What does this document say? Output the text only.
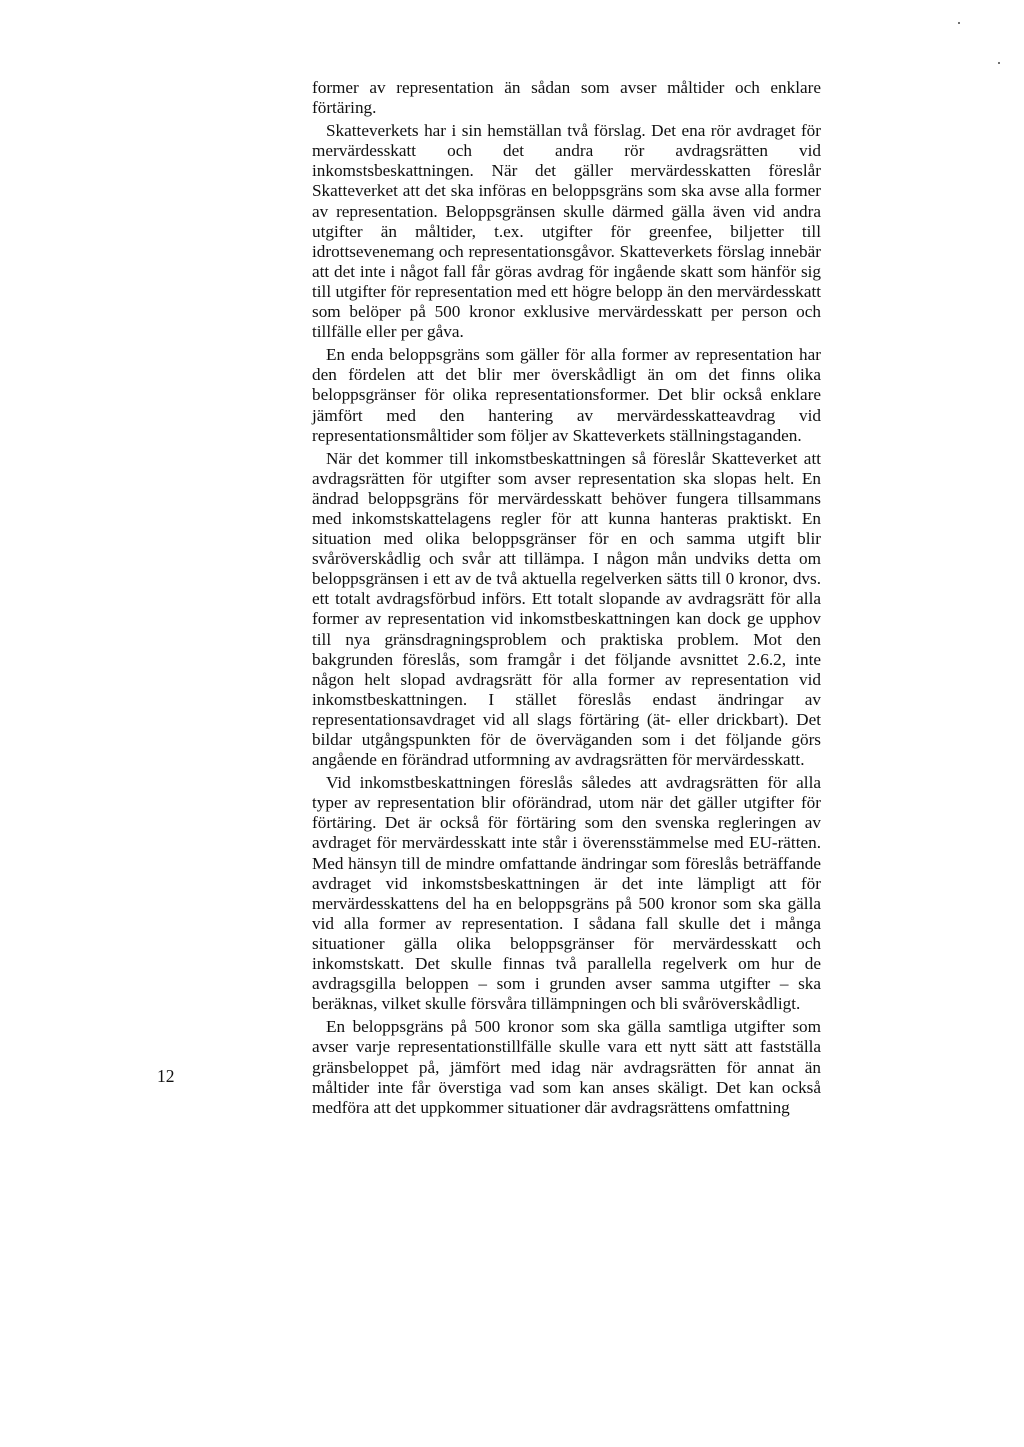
former av representation än sådan som avser måltider och enklare förtäring.

Skatteverkets har i sin hemställan två förslag. Det ena rör avdraget för mervärdesskatt och det andra rör avdragsrätten vid inkomstsbeskattningen. När det gäller mervärdesskatten föreslår Skatteverket att det ska införas en beloppsgräns som ska avse alla former av representation. Beloppsgränsen skulle därmed gälla även vid andra utgifter än måltider, t.ex. utgifter för greenfee, biljetter till idrottsevenemang och representationsgåvor. Skatteverkets förslag innebär att det inte i något fall får göras avdrag för ingående skatt som hänför sig till utgifter för representation med ett högre belopp än den mervärdesskatt som belöper på 500 kronor exklusive mervärdesskatt per person och tillfälle eller per gåva.

En enda beloppsgräns som gäller för alla former av representation har den fördelen att det blir mer överskådligt än om det finns olika beloppsgränser för olika representationsformer. Det blir också enklare jämfört med den hantering av mervärdesskatteavdrag vid representationsmåltider som följer av Skatteverkets ställningstaganden.

När det kommer till inkomstbeskattningen så föreslår Skatteverket att avdragsrätten för utgifter som avser representation ska slopas helt. En ändrad beloppsgräns för mervärdesskatt behöver fungera tillsammans med inkomstskattelagens regler för att kunna hanteras praktiskt. En situation med olika beloppsgränser för en och samma utgift blir svåröverskådlig och svår att tillämpa. I någon mån undviks detta om beloppsgränsen i ett av de två aktuella regelverken sätts till 0 kronor, dvs. ett totalt avdragsförbud införs. Ett totalt slopande av avdragsrätt för alla former av representation vid inkomstbeskattningen kan dock ge upphov till nya gränsdragningsproblem och praktiska problem. Mot den bakgrunden föreslås, som framgår i det följande avsnittet 2.6.2, inte någon helt slopad avdragsrätt för alla former av representation vid inkomstbeskattningen. I stället föreslås endast ändringar av representationsavdraget vid all slags förtäring (ät- eller drickbart). Det bildar utgångspunkten för de överväganden som i det följande görs angående en förändrad utformning av avdragsrätten för mervärdesskatt.

Vid inkomstbeskattningen föreslås således att avdragsrätten för alla typer av representation blir oförändrad, utom när det gäller utgifter för förtäring. Det är också för förtäring som den svenska regleringen av avdraget för mervärdesskatt inte står i överensstämmelse med EU-rätten. Med hänsyn till de mindre omfattande ändringar som föreslås beträffande avdraget vid inkomstsbeskattningen är det inte lämpligt att för mervärdesskattens del ha en beloppsgräns på 500 kronor som ska gälla vid alla former av representation. I sådana fall skulle det i många situationer gälla olika beloppsgränser för mervärdesskatt och inkomstskatt. Det skulle finnas två parallella regelverk om hur de avdragsgilla beloppen – som i grunden avser samma utgifter – ska beräknas, vilket skulle försvåra tillämpningen och bli svåröverskådligt.

En beloppsgräns på 500 kronor som ska gälla samtliga utgifter som avser varje representationstillfälle skulle vara ett nytt sätt att fastställa gränsbeloppet på, jämfört med idag när avdragsrätten för annat än måltider inte får överstiga vad som kan anses skäligt. Det kan också medföra att det uppkommer situationer där avdragsrättens omfattning

12
